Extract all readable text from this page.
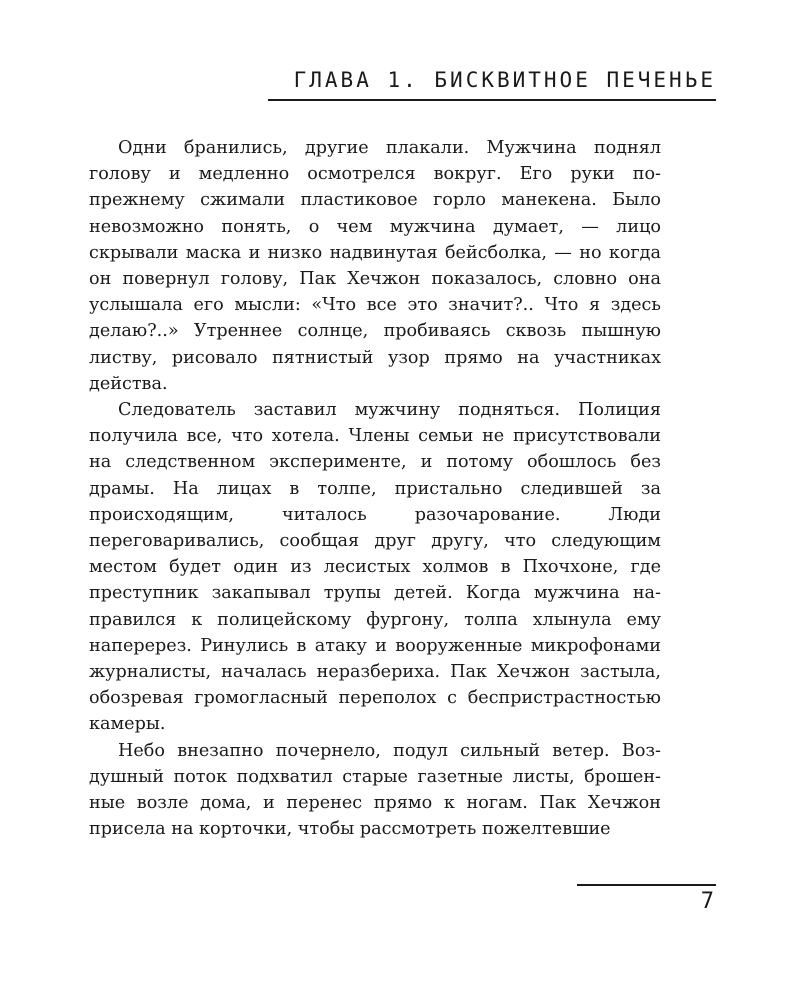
ГЛАВА 1. БИСКВИТНОЕ ПЕЧЕНЬЕ

Одни бранились, другие плакали. Мужчина поднял голову и медленно осмотрелся вокруг. Его руки попрежнему сжимали пластиковое горло манекена. Было невозможно понять, о чем мужчина думает, — лицо скрывали маска и низко надвинутая бейсболка, — но когда он повернул голову, Пак Хечжон показалось, словно она услышала его мысли: «Что все это значит?.. Что я здесь делаю?..» Утреннее солнце, пробиваясь сквозь пышную листву, рисовало пятнистый узор прямо на участниках действа.

Следователь заставил мужчину подняться. Полиция получила все, что хотела. Члены семьи не присутствовали на следственном эксперименте, и потому обошлось без драмы. На лицах в толпе, пристально следившей за происходящим, читалось разочарование. Люди переговаривались, сообщая друг другу, что следующим местом будет один из лесистых холмов в Пхочхоне, где преступник закапывал трупы детей. Когда мужчина направился к полицейскому фургону, толпа хлынула ему наперерез. Ринулись в атаку и вооруженные микрофонами журналисты, началась неразбериха. Пак Хечжон застыла, обозревая громогласный переполох с беспристрастностью камеры.

Небо внезапно почернело, подул сильный ветер. Воздушный поток подхватил старые газетные листы, брошенные возле дома, и перенес прямо к ногам. Пак Хечжон присела на корточки, чтобы рассмотреть пожелтевшие

7
